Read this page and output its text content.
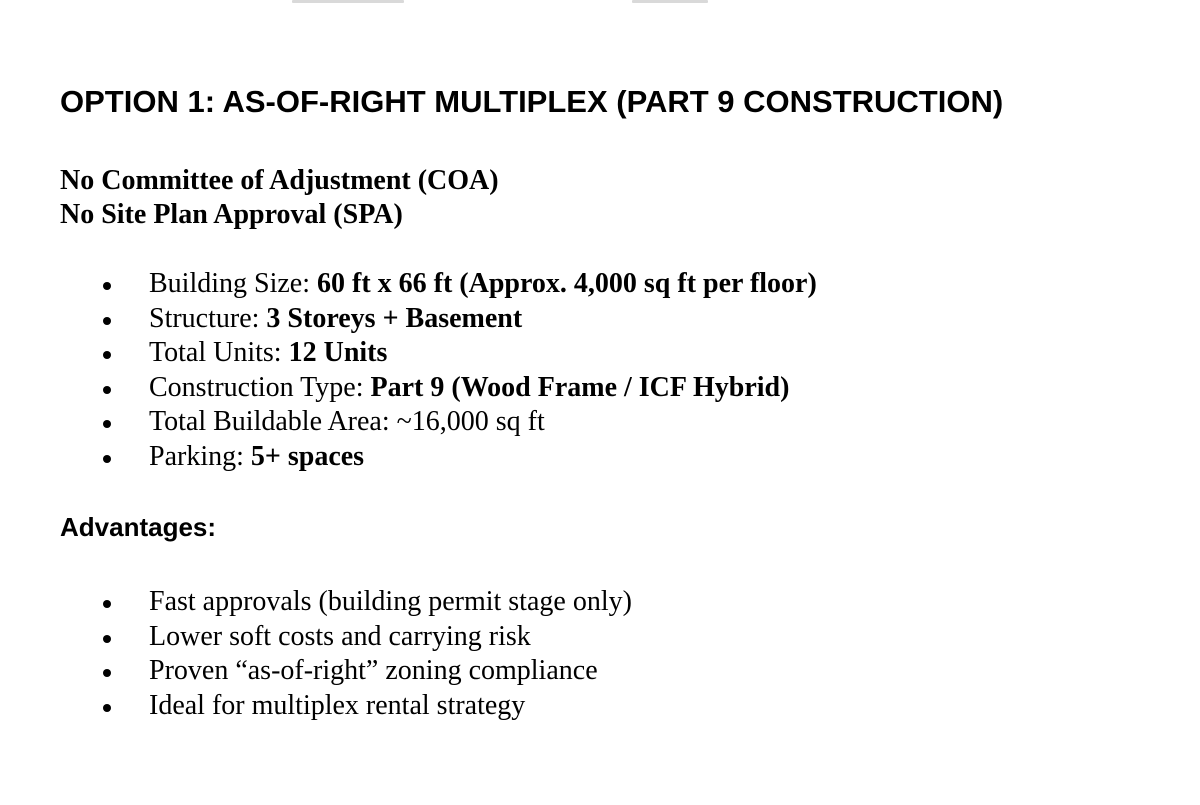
OPTION 1: AS-OF-RIGHT MULTIPLEX (PART 9 CONSTRUCTION)

No Committee of Adjustment (COA)

No Site Plan Approval (SPA)

Building Size: 60 ft x 66 ft (Approx. 4,000 sq ft per floor)
Structure: 3 Storeys + Basement
Total Units: 12 Units
Construction Type: Part 9 (Wood Frame / ICF Hybrid)
Total Buildable Area: ~16,000 sq ft
Parking: 5+ spaces
Advantages:
Fast approvals (building permit stage only)
Lower soft costs and carrying risk
Proven “as-of-right” zoning compliance
Ideal for multiplex rental strategy
